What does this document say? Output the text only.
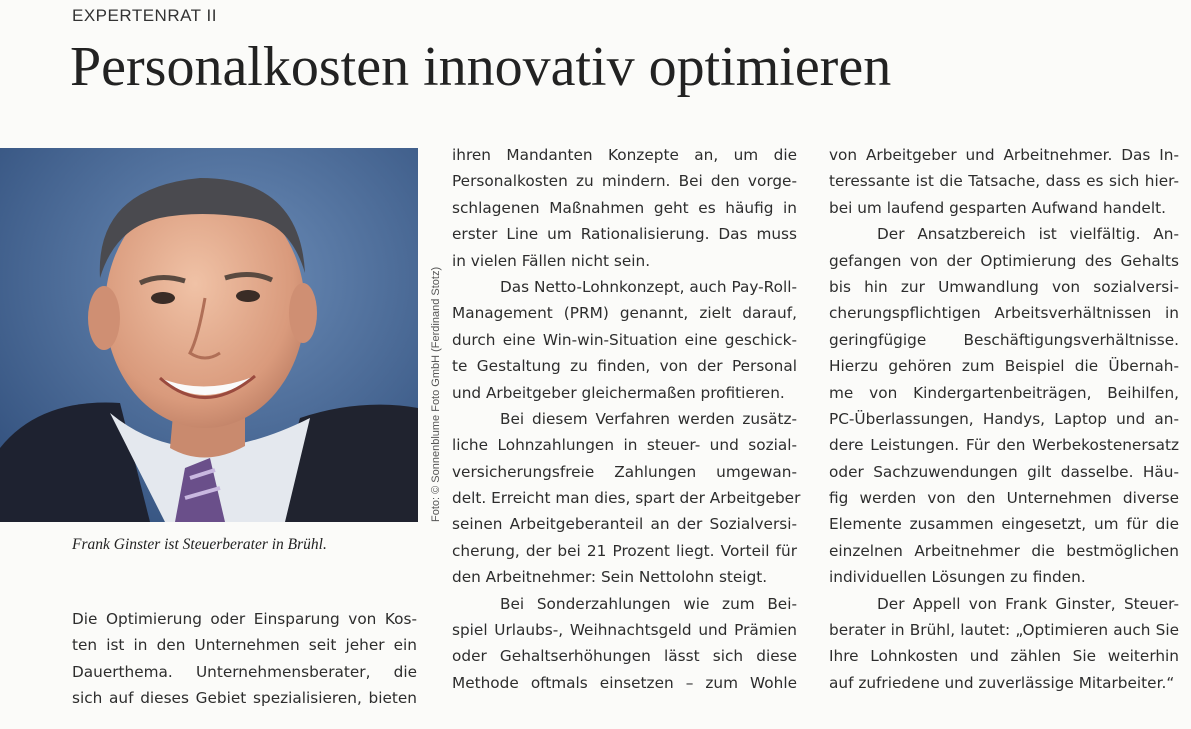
EXPERTENRAT II
Personalkosten innovativ optimieren
Foto: © Sonnenblume Foto GmbH (Ferdinand Stotz)
Frank Ginster ist Steuerberater in Brühl.
Die Optimierung oder Einsparung von Kos-
ten ist in den Unternehmen seit jeher ein
Dauerthema. Unternehmensberater, die
sich auf dieses Gebiet spezialisieren, bieten
ihren Mandanten Konzepte an, um die
Personalkosten zu mindern. Bei den vorge-
schlagenen Maßnahmen geht es häufig in
erster Line um Rationalisierung. Das muss
in vielen Fällen nicht sein.
Das Netto-Lohnkonzept, auch Pay-Roll-
Management (PRM) genannt, zielt darauf,
durch eine Win-win-Situation eine geschick-
te Gestaltung zu finden, von der Personal
und Arbeitgeber gleichermaßen profitieren.
Bei diesem Verfahren werden zusätz-
liche Lohnzahlungen in steuer- und sozial-
versicherungsfreie Zahlungen umgewan-
delt. Erreicht man dies, spart der Arbeitgeber
seinen Arbeitgeberanteil an der Sozialversi-
cherung, der bei 21 Prozent liegt. Vorteil für
den Arbeitnehmer: Sein Nettolohn steigt.
Bei Sonderzahlungen wie zum Bei-
spiel Urlaubs-, Weihnachtsgeld und Prämien
oder Gehaltserhöhungen lässt sich diese
Methode oftmals einsetzen – zum Wohle
von Arbeitgeber und Arbeitnehmer. Das In-
teressante ist die Tatsache, dass es sich hier-
bei um laufend gesparten Aufwand handelt.
Der Ansatzbereich ist vielfältig. An-
gefangen von der Optimierung des Gehalts
bis hin zur Umwandlung von sozialversi-
cherungspflichtigen Arbeitsverhältnissen in
geringfügige Beschäftigungsverhältnisse.
Hierzu gehören zum Beispiel die Übernah-
me von Kindergartenbeiträgen, Beihilfen,
PC-Überlassungen, Handys, Laptop und an-
dere Leistungen. Für den Werbekostenersatz
oder Sachzuwendungen gilt dasselbe. Häu-
fig werden von den Unternehmen diverse
Elemente zusammen eingesetzt, um für die
einzelnen Arbeitnehmer die bestmöglichen
individuellen Lösungen zu finden.
Der Appell von Frank Ginster, Steuer-
berater in Brühl, lautet: „Optimieren auch Sie
Ihre Lohnkosten und zählen Sie weiterhin
auf zufriedene und zuverlässige Mitarbeiter.“
